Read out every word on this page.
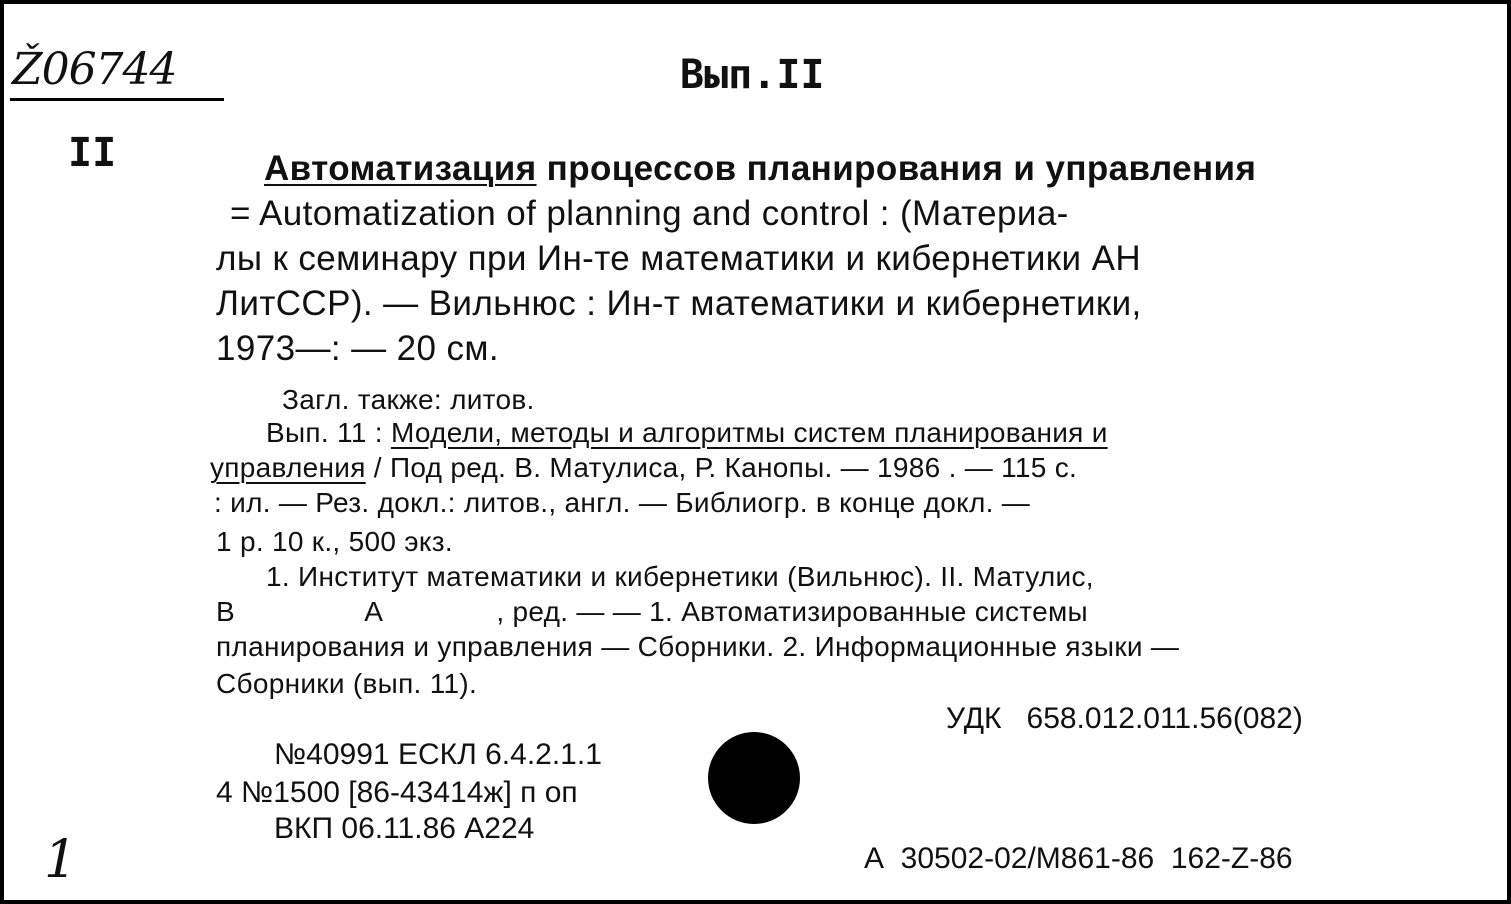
Ž06744	Вып.II
II	Автоматизация процессов планирования и управления
= Automatization of planning and control : (Материа-
лы к семинару при Ин-те математики и кибернетики АН
ЛитССР). — Вильнюс : Ин-т математики и кибернетики,
1973—: — 20 см.
Загл. также: литов.
Вып. 11 : Модели, методы и алгоритмы систем планирования и
управления / Под ред. В. Матулиса, Р. Канопы. — 1986 . — 115 с.
: ил. — Рез. докл.: литов., англ. — Библиогр. в конце докл. —
1 р. 10 к., 500 экз.
1. Институт математики и кибернетики (Вильнюс). II. Матулис,
В                А              , ред. — — 1. Автоматизированные системы
планирования и управления — Сборники. 2. Информационные языки —
Сборники (вып. 11).
УДК   658.012.011.56(082)
№40991 ЕСКЛ 6.4.2.1.1
4 №1500 [86-43414ж] п оп
ВКП 06.11.86 А224
А  30502-02/М861-86  162-Z-86
1
